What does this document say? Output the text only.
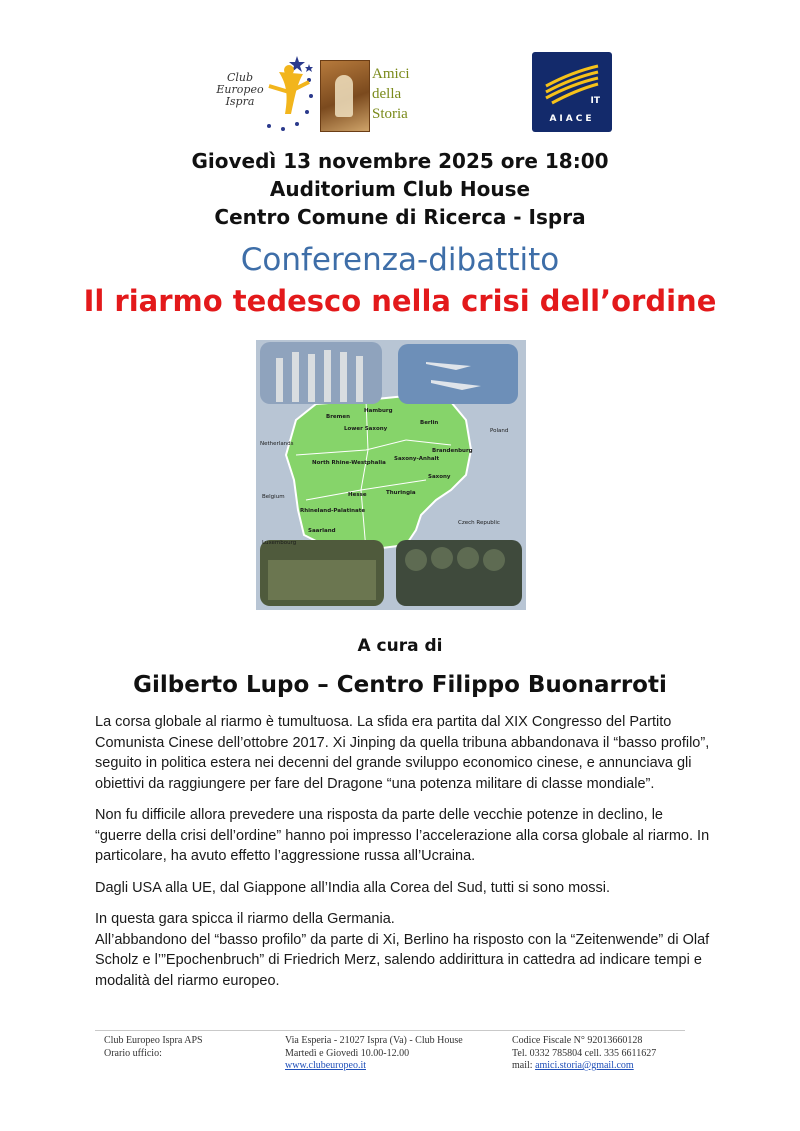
Club Europeo Ispra
Amici
della
Storia
IT
AIACE
Giovedì 13 novembre 2025 ore 18:00
Auditorium Club House
Centro Comune di Ricerca - Ispra
Conferenza-dibattito
Il riarmo tedesco nella crisi dell’ordine
Netherlands
Poland
Belgium
Czech Republic
Luxembourg
Hamburg
Bremen
Lower Saxony
Berlin
Brandenburg
Saxony-Anhalt
North Rhine-Westphalia
Hesse	Thuringia
Saxony
Rhineland-Palatinate
Saarland
A cura di
Gilberto Lupo – Centro Filippo Buonarroti

La corsa globale al riarmo è tumultuosa. La sfida era partita dal XIX Congresso del Partito Comunista Cinese dell’ottobre 2017. Xi Jinping da quella tribuna abbandonava il “basso profilo”, seguito in politica estera nei decenni del grande sviluppo economico cinese, e annunciava gli obiettivi da raggiungere per fare del Dragone “una potenza militare di classe mondiale”.

Non fu difficile allora prevedere una risposta da parte delle vecchie potenze in declino, le “guerre della crisi dell’ordine” hanno poi impresso l’accelerazione alla corsa globale al riarmo. In particolare, ha avuto effetto l’aggressione russa all’Ucraina.

Dagli USA alla UE, dal Giappone all’India alla Corea del Sud, tutti si sono mossi.

In questa gara spicca il riarmo della Germania.

All’abbandono del “basso profilo” da parte di Xi, Berlino ha risposto con la “Zeitenwende” di Olaf Scholz e l’”Epochenbruch” di Friedrich Merz, salendo addirittura in cattedra ad indicare tempi e modalità del riarmo europeo.

Club Europeo Ispra APS
Orario ufficio:
Via Esperia - 21027 Ispra (Va) - Club House
Martedì e Giovedì 10.00-12.00
www.clubeuropeo.it
Codice Fiscale N° 92013660128
Tel. 0332 785804 cell. 335 6611627
mail: amici.storia@gmail.com
